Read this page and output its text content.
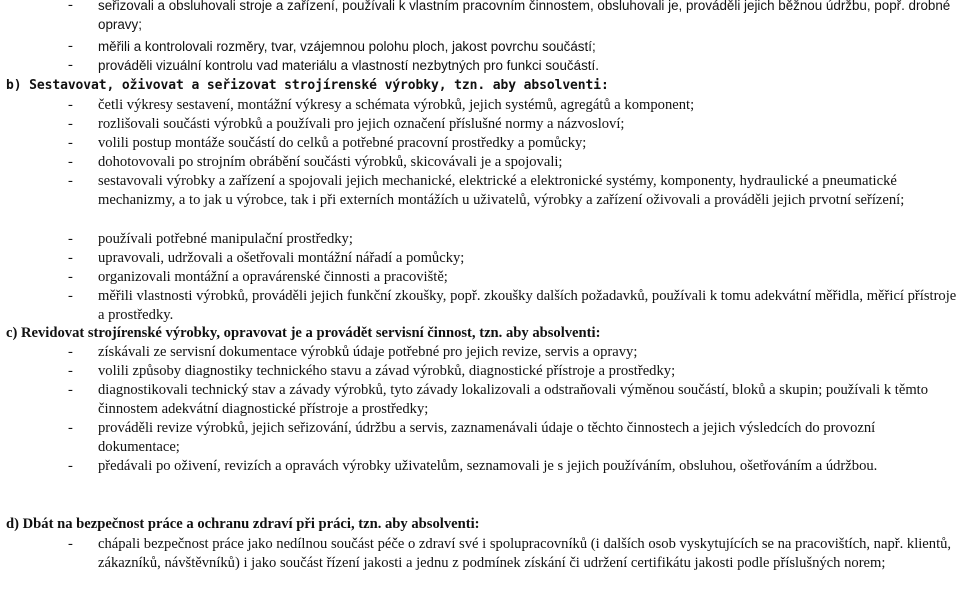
- seřizovali a obsluhovali stroje a zařízení, používali k vlastním pracovním činnostem, obsluhovali je, prováděli jejich běžnou údržbu, popř. drobné opravy;
- měřili a kontrolovali rozměry, tvar, vzájemnou polohu ploch, jakost povrchu součástí;
- prováděli vizuální kontrolu vad materiálu a vlastností nezbytných pro funkci součástí.
b) Sestavovat, oživovat a seřizovat strojírenské výrobky, tzn. aby absolventi:
- četli výkresy sestavení, montážní výkresy a schémata výrobků, jejich systémů, agregátů a komponent;
- rozlišovali součásti výrobků a používali pro jejich označení příslušné normy a názvosloví;
- volili postup montáže součástí do celků a potřebné pracovní prostředky a pomůcky;
- dohotovovali po strojním obrábění součásti výrobků, skicovávali je a spojovali;
- sestavovali výrobky a zařízení a spojovali jejich mechanické, elektrické a elektronické systémy, komponenty, hydraulické a pneumatické mechanizmy, a to jak u výrobce, tak i při externích montážích u uživatelů, výrobky a zařízení oživovali a prováděli jejich prvotní seřízení;
- používali potřebné manipulační prostředky;
- upravovali, udržovali a ošetřovali montážní nářadí a pomůcky;
- organizovali montážní a opravárenské činnosti a pracoviště;
- měřili vlastnosti výrobků, prováděli jejich funkční zkoušky, popř. zkoušky dalších požadavků, používali k tomu adekvátní měřidla, měřicí přístroje a prostředky.
c) Revidovat strojírenské výrobky, opravovat je a provádět servisní činnost, tzn. aby absolventi:
- získávali ze servisní dokumentace výrobků údaje potřebné pro jejich revize, servis a opravy;
- volili způsoby diagnostiky technického stavu a závad výrobků, diagnostické přístroje a prostředky;
- diagnostikovali technický stav a závady výrobků, tyto závady lokalizovali a odstraňovali výměnou součástí, bloků a skupin; používali k těmto činnostem adekvátní diagnostické přístroje a prostředky;
- prováděli revize výrobků, jejich seřizování, údržbu a servis, zaznamenávali údaje o těchto činnostech a jejich výsledcích do provozní dokumentace;
- předávali po oživení, revizích a opravách výrobky uživatelům, seznamovali je s jejich používáním, obsluhou, ošetřováním a údržbou.
d) Dbát na bezpečnost práce a ochranu zdraví při práci, tzn. aby absolventi:
- chápali bezpečnost práce jako nedílnou součást péče o zdraví své i spolupracovníků (i dalších osob vyskytujících se na pracovištích, např. klientů, zákazníků, návštěvníků) i jako součást řízení jakosti a jednu z podmínek získání či udržení certifikátu jakosti podle příslušných norem;
